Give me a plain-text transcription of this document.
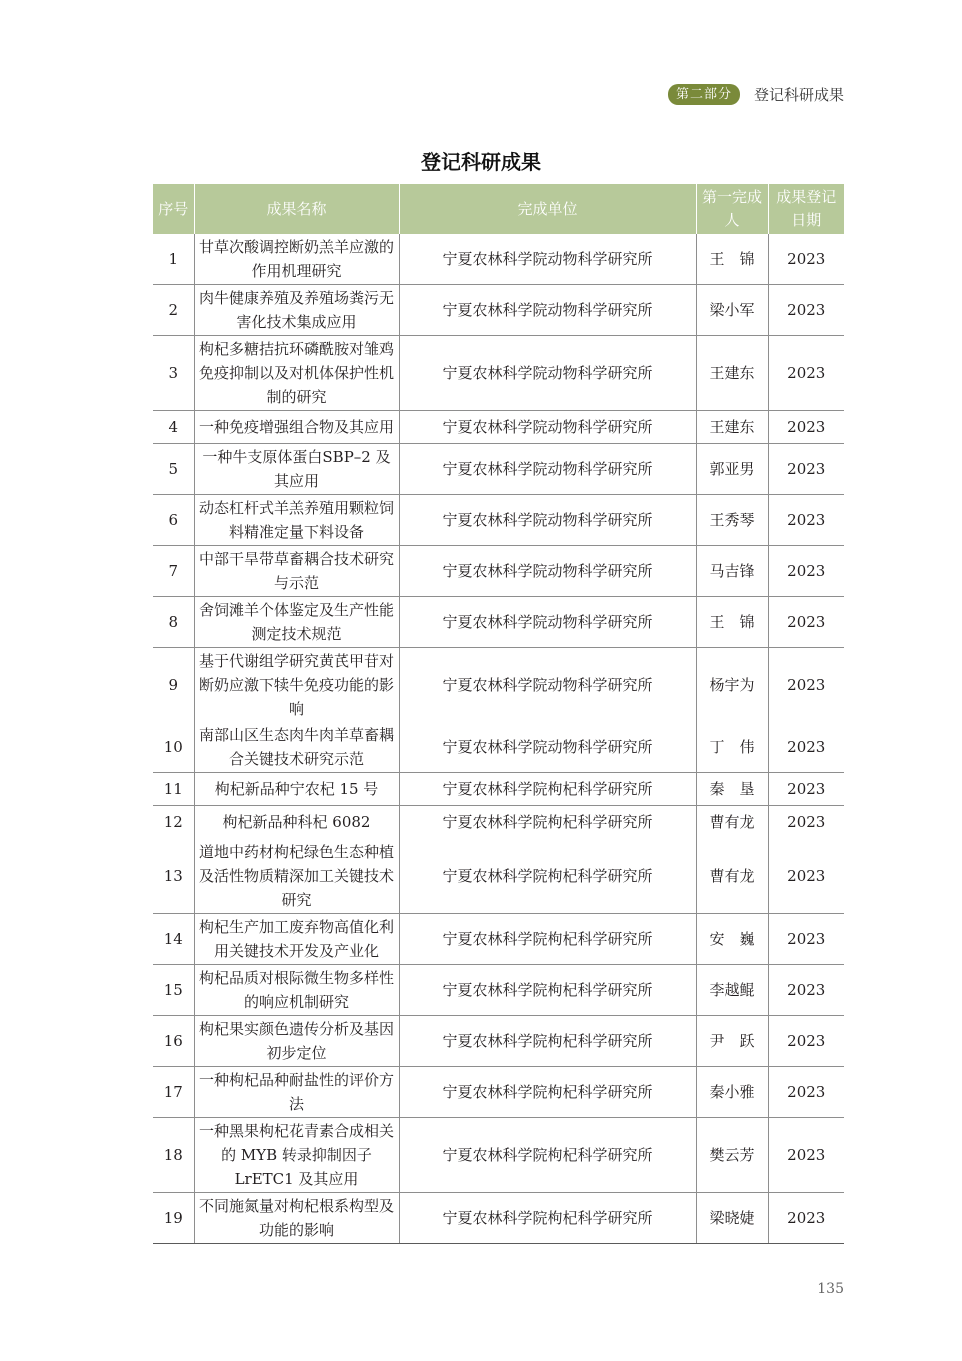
第二部分	登记科研成果
登记科研成果
序号	成果名称	完成单位	第一完成人	成果登记日期
1	甘草次酸调控断奶羔羊应激的作用机理研究	宁夏农林科学院动物科学研究所	王　锦	2023
2	肉牛健康养殖及养殖场粪污无害化技术集成应用	宁夏农林科学院动物科学研究所	梁小军	2023
3	枸杞多糖拮抗环磷酰胺对雏鸡免疫抑制以及对机体保护性机制的研究	宁夏农林科学院动物科学研究所	王建东	2023
4	一种免疫增强组合物及其应用	宁夏农林科学院动物科学研究所	王建东	2023
5	一种牛支原体蛋白SBP–2 及其应用	宁夏农林科学院动物科学研究所	郭亚男	2023
6	动态杠杆式羊羔养殖用颗粒饲料精准定量下料设备	宁夏农林科学院动物科学研究所	王秀琴	2023
7	中部干旱带草畜耦合技术研究与示范	宁夏农林科学院动物科学研究所	马吉锋	2023
8	舍饲滩羊个体鉴定及生产性能测定技术规范	宁夏农林科学院动物科学研究所	王　锦	2023
9	基于代谢组学研究黄芪甲苷对断奶应激下犊牛免疫功能的影响	宁夏农林科学院动物科学研究所	杨宇为	2023
10	南部山区生态肉牛肉羊草畜耦合关键技术研究示范	宁夏农林科学院动物科学研究所	丁　伟	2023
11	枸杞新品种宁农杞 15 号	宁夏农林科学院枸杞科学研究所	秦　垦	2023
12	枸杞新品种科杞 6082	宁夏农林科学院枸杞科学研究所	曹有龙	2023
13	道地中药材枸杞绿色生态种植及活性物质精深加工关键技术研究	宁夏农林科学院枸杞科学研究所	曹有龙	2023
14	枸杞生产加工废弃物高值化利用关键技术开发及产业化	宁夏农林科学院枸杞科学研究所	安　巍	2023
15	枸杞品质对根际微生物多样性的响应机制研究	宁夏农林科学院枸杞科学研究所	李越鲲	2023
16	枸杞果实颜色遗传分析及基因初步定位	宁夏农林科学院枸杞科学研究所	尹　跃	2023
17	一种枸杞品种耐盐性的评价方法	宁夏农林科学院枸杞科学研究所	秦小雅	2023
18	一种黑果枸杞花青素合成相关的 MYB 转录抑制因子 LrETC1 及其应用	宁夏农林科学院枸杞科学研究所	樊云芳	2023
19	不同施氮量对枸杞根系构型及功能的影响	宁夏农林科学院枸杞科学研究所	梁晓婕	2023
135
